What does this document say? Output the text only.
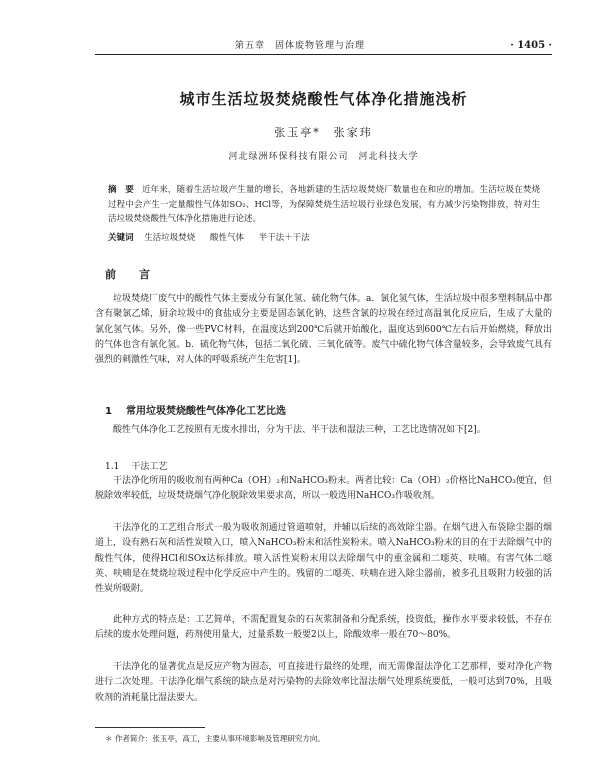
第五章　固体废物管理与治理	· 1405 ·
城市生活垃圾焚烧酸性气体净化措施浅析
张玉亭*　张家玮
河北绿洲环保科技有限公司　河北科技大学
摘　要 近年来，随着生活垃圾产生量的增长，各地新建的生活垃圾焚烧厂数量也在和应的增加。生活垃圾在焚烧过程中会产生一定量酸性气体如SO₂、HCl等，为保障焚烧生活垃圾行业绿色发展，有力减少污染物排放，特对生活垃圾焚烧酸性气体净化措施进行论述。
关键词 生活垃圾焚烧 酸性气体 半干法＋干法
前　言

垃圾焚烧厂废气中的酸性气体主要成分有氯化氢、硫化物气体。a．氯化氢气体，生活垃圾中很多塑料制品中都含有聚氯乙烯，厨余垃圾中的食盐成分主要是固态氯化钠，这些含氯的垃圾在经过高温氧化反应后，生成了大量的氯化氢气体。另外，像一些PVC材料，在温度达到200℃后就开始酸化，温度达到600℃左右后开始燃烧，释放出的气体也含有氯化氢。b．硫化物气体，包括二氧化硫、三氧化硫等。废气中硫化物气体含量较多，会导致废气具有强烈的刺激性气味，对人体的呼吸系统产生危害[1]。

1 常用垃圾焚烧酸性气体净化工艺比选

酸性气体净化工艺按照有无废水排出，分为干法、半干法和湿法三种，工艺比选情况如下[2]。

1.1 干法工艺

干法净化所用的吸收剂有两种Ca（OH）₂和NaHCO₃粉末。两者比较：Ca（OH）₂价格比NaHCO₃便宜，但脱除效率较低，垃圾焚烧烟气净化脱除效果要求高，所以一般选用NaHCO₃作吸收剂。

干法净化的工艺组合形式一般为吸收剂通过管道喷射，并辅以后续的高效除尘器。在烟气进入布袋除尘器的烟道上，设有熟石灰和活性炭喷入口，喷入NaHCO₃粉末和活性炭粉末。喷入NaHCO₃粉末的目的在于去除烟气中的酸性气体，使得HCl和SOx达标排放。喷入活性炭粉末用以去除烟气中的重金属和二噁英、呋喃。有害气体二噁英、呋喃是在焚烧垃圾过程中化学反应中产生的。残留的二噁英、呋喃在进入除尘器前，被多孔且吸附力较强的活性炭所吸附。

此种方式的特点是：工艺简单，不需配置复杂的石灰浆制备和分配系统，投资低，操作水平要求较低，不存在后续的废水处理问题，药剂使用量大，过量系数一般要2以上，除酸效率一般在70～80%。

干法净化的显著优点是反应产物为固态，可直接进行最终的处理，而无需像湿法净化工艺那样，要对净化产物进行二次处理。干法净化烟气系统的缺点是对污染物的去除效率比湿法烟气处理系统要低，一般可达到70%，且吸收剂的消耗量比湿法要大。

＊ 作者简介：张玉亭，高工，主要从事环境影响及管理研究方向。
